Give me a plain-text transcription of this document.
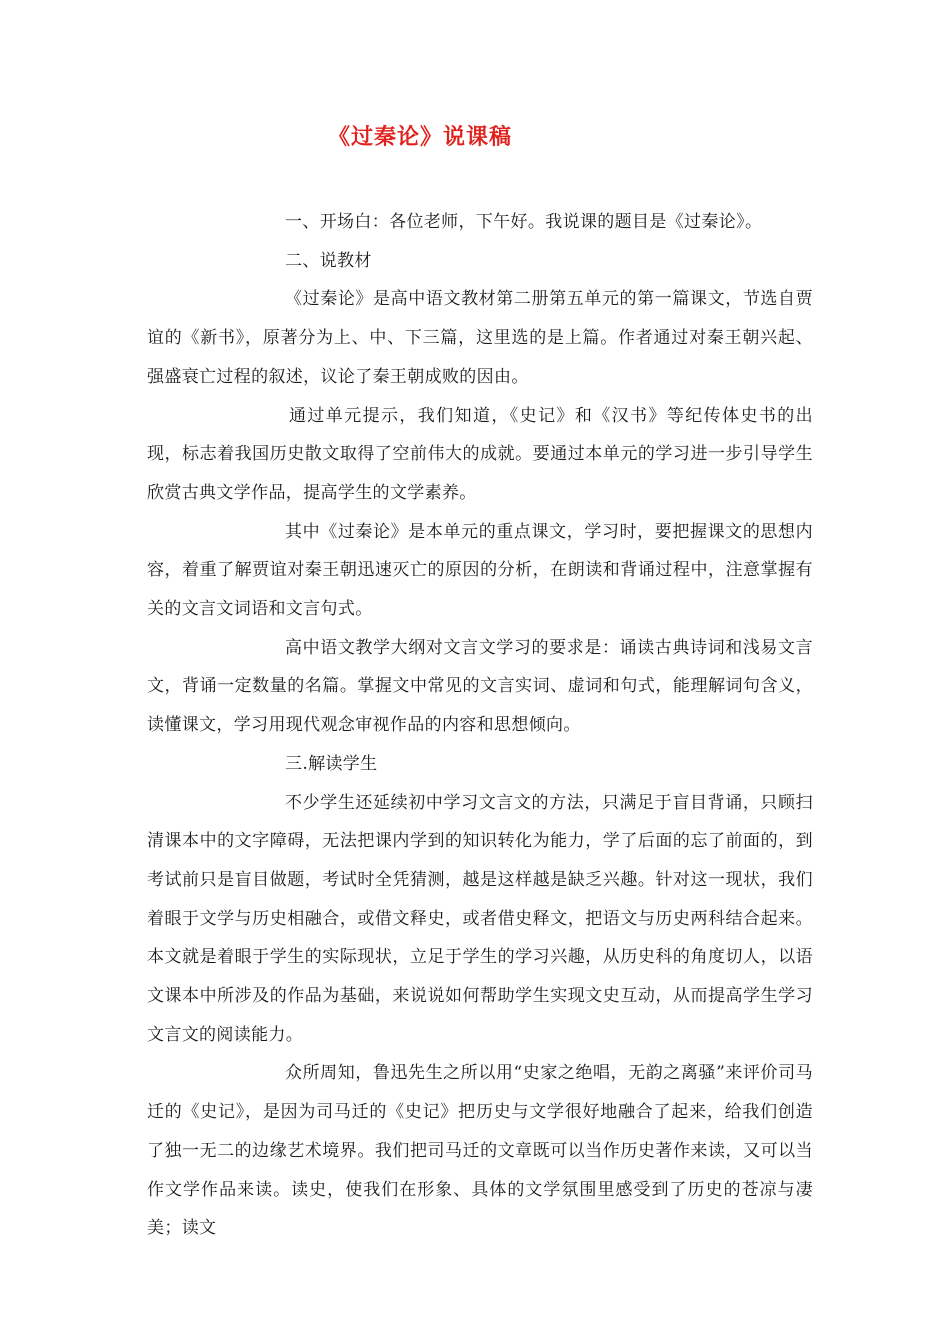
《过秦论》说课稿

一、开场白：各位老师，下午好。我说课的题目是《过秦论》。

二、说教材

《过秦论》是高中语文教材第二册第五单元的第一篇课文，节选自贾谊的《新书》，原著分为上、中、下三篇，这里选的是上篇。作者通过对秦王朝兴起、强盛衰亡过程的叙述，议论了秦王朝成败的因由。

通过单元提示，我们知道，《史记》和《汉书》等纪传体史书的出现，标志着我国历史散文取得了空前伟大的成就。要通过本单元的学习进一步引导学生欣赏古典文学作品，提高学生的文学素养。

其中《过秦论》是本单元的重点课文，学习时，要把握课文的思想内容，着重了解贾谊对秦王朝迅速灭亡的原因的分析，在朗读和背诵过程中，注意掌握有关的文言文词语和文言句式。

高中语文教学大纲对文言文学习的要求是：诵读古典诗词和浅易文言文，背诵一定数量的名篇。掌握文中常见的文言实词、虚词和句式，能理解词句含义，读懂课文，学习用现代观念审视作品的内容和思想倾向。

三.解读学生

不少学生还延续初中学习文言文的方法，只满足于盲目背诵，只顾扫清课本中的文字障碍，无法把课内学到的知识转化为能力，学了后面的忘了前面的，到考试前只是盲目做题，考试时全凭猜测，越是这样越是缺乏兴趣。针对这一现状，我们着眼于文学与历史相融合，或借文释史，或者借史释文，把语文与历史两科结合起来。本文就是着眼于学生的实际现状，立足于学生的学习兴趣，从历史科的角度切人，以语文课本中所涉及的作品为基础，来说说如何帮助学生实现文史互动，从而提高学生学习文言文的阅读能力。

众所周知，鲁迅先生之所以用“史家之绝唱，无韵之离骚”来评价司马迁的《史记》，是因为司马迁的《史记》把历史与文学很好地融合了起来，给我们创造了独一无二的边缘艺术境界。我们把司马迁的文章既可以当作历史著作来读，又可以当作文学作品来读。读史，使我们在形象、具体的文学氛围里感受到了历史的苍凉与凄美；读文
